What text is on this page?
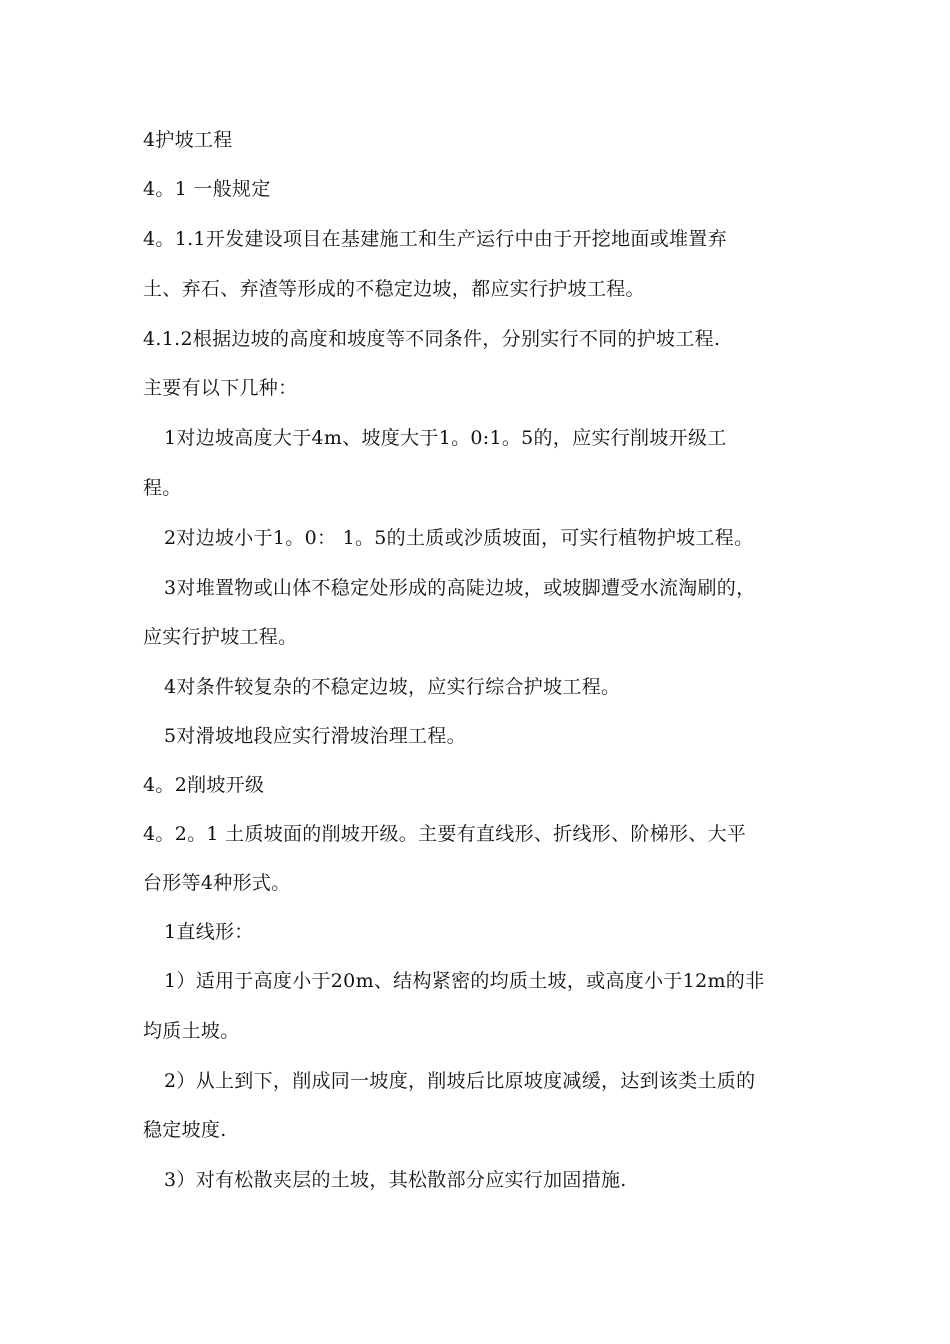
4护坡工程
4。1 一般规定
4。1.1开发建设项目在基建施工和生产运行中由于开挖地面或堆置弃
土、弃石、弃渣等形成的不稳定边坡，都应实行护坡工程。
4.1.2根据边坡的高度和坡度等不同条件，分别实行不同的护坡工程.
主要有以下几种：
1对边坡高度大于4m、坡度大于1。0:1。5的，应实行削坡开级工
程。
2对边坡小于1。0： 1。5的土质或沙质坡面，可实行植物护坡工程。
3对堆置物或山体不稳定处形成的高陡边坡，或坡脚遭受水流淘刷的，
应实行护坡工程。
4对条件较复杂的不稳定边坡，应实行综合护坡工程。
5对滑坡地段应实行滑坡治理工程。
4。2削坡开级
4。2。1 土质坡面的削坡开级。主要有直线形、折线形、阶梯形、大平
台形等4种形式。
1直线形：
1）适用于高度小于20m、结构紧密的均质土坡，或高度小于12m的非
均质土坡。
2）从上到下，削成同一坡度，削坡后比原坡度减缓，达到该类土质的
稳定坡度.
3）对有松散夹层的土坡，其松散部分应实行加固措施.
